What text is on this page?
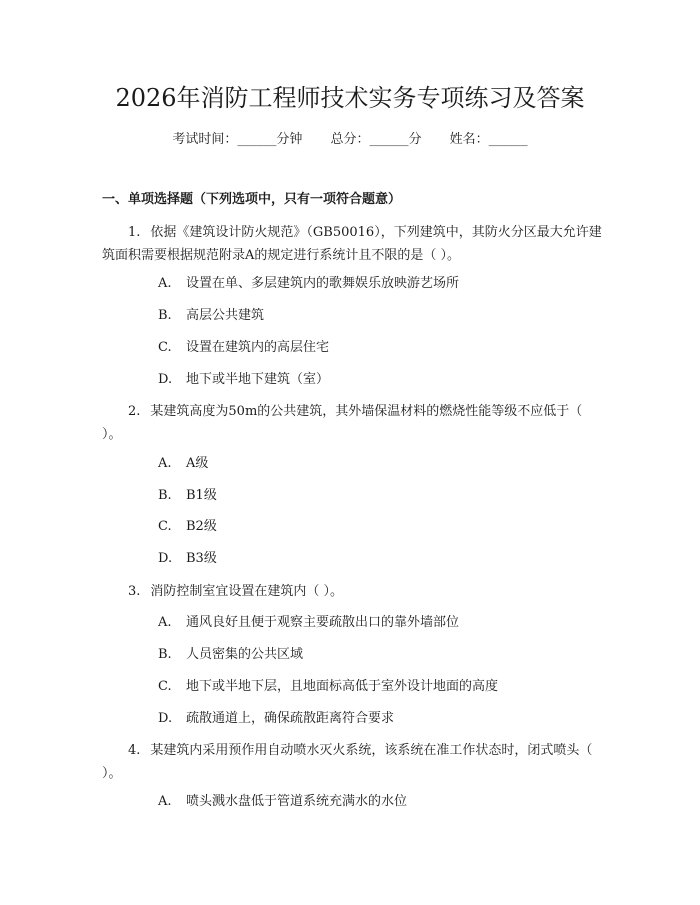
2026年消防工程师技术实务专项练习及答案
考试时间：______分钟 总分：______分 姓名：______
一、单项选择题（下列选项中，只有一项符合题意）
1. 依据《建筑设计防火规范》（GB50016），下列建筑中，其防火分区最大允许建筑面积需要根据规范附录A的规定进行系统计且不限的是（ ）。
A. 设置在单、多层建筑内的歌舞娱乐放映游艺场所
B. 高层公共建筑
C. 设置在建筑内的高层住宅
D. 地下或半地下建筑（室）
2. 某建筑高度为50m的公共建筑，其外墙保温材料的燃烧性能等级不应低于（ ）。
A. A级
B. B1级
C. B2级
D. B3级
3. 消防控制室宜设置在建筑内（ ）。
A. 通风良好且便于观察主要疏散出口的靠外墙部位
B. 人员密集的公共区域
C. 地下或半地下层，且地面标高低于室外设计地面的高度
D. 疏散通道上，确保疏散距离符合要求
4. 某建筑内采用预作用自动喷水灭火系统，该系统在准工作状态时，闭式喷头（ ）。
A. 喷头溅水盘低于管道系统充满水的水位
